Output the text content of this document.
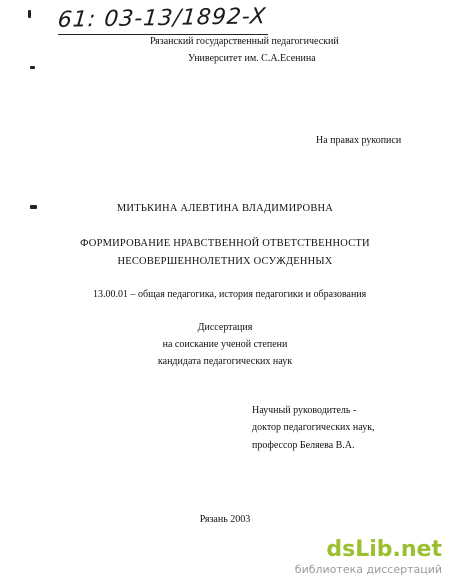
61: 03-13/1892-X
Рязанский государственный педагогический
Университет им. С.А.Есенина
На правах рукописи
МИТЬКИНА АЛЕВТИНА ВЛАДИМИРОВНА
ФОРМИРОВАНИЕ НРАВСТВЕННОЙ ОТВЕТСТВЕННОСТИ
НЕСОВЕРШЕННОЛЕТНИХ ОСУЖДЕННЫХ
13.00.01 – общая педагогика, история педагогики и образования
Диссертация
на соискание ученой степени
кандидата педагогических наук
Научный руководитель -
доктор педагогических наук,
профессор Беляева В.А.
Рязань 2003
dsLib.net
библиотека диссертаций
